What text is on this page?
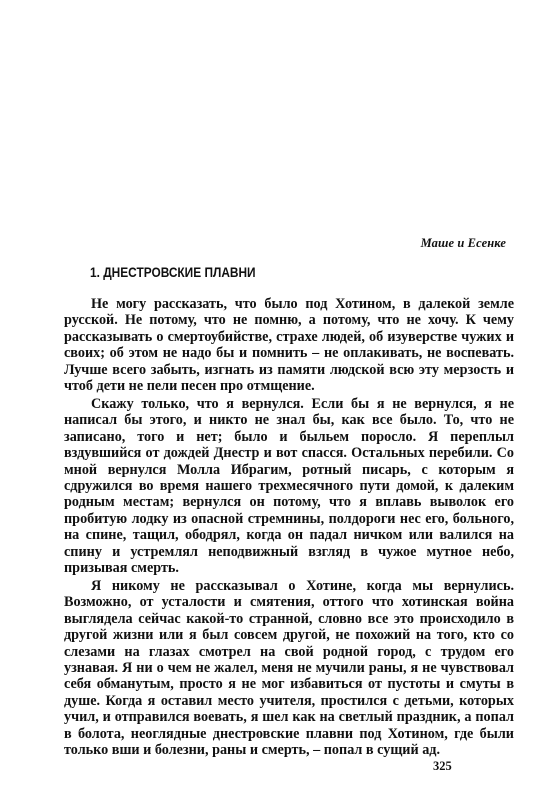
Маше и Есенке
1. ДНЕСТРОВСКИЕ ПЛАВНИ

Не могу рассказать, что было под Хотином, в далекой земле русской. Не потому, что не помню, а потому, что не хочу. К чему рассказывать о смертоубийстве, страхе людей, об изуверстве чужих и своих; об этом не надо бы и помнить – не оплакивать, не воспевать. Лучше всего забыть, изгнать из памяти людской всю эту мерзость и чтоб дети не пели песен про отмщение.

Скажу только, что я вернулся. Если бы я не вернулся, я не написал бы этого, и никто не знал бы, как все было. То, что не записано, того и нет; было и быльем поросло. Я переплыл вздувшийся от дождей Днестр и вот спасся. Остальных перебили. Со мной вернулся Молла Ибрагим, ротный писарь, с которым я сдружился во время нашего трехмесячного пути домой, к далеким родным местам; вернулся он потому, что я вплавь выволок его пробитую лодку из опасной стремнины, полдороги нес его, больного, на спине, тащил, ободрял, когда он падал ничком или валился на спину и устремлял неподвижный взгляд в чужое мутное небо, призывая смерть.

Я никому не рассказывал о Хотине, когда мы вернулись. Возможно, от усталости и смятения, оттого что хотинская война выглядела сейчас какой-то странной, словно все это происходило в другой жизни или я был совсем другой, не похожий на того, кто со слезами на глазах смотрел на свой родной город, с трудом его узнавая. Я ни о чем не жалел, меня не мучили раны, я не чувствовал себя обманутым, просто я не мог избавиться от пустоты и смуты в душе. Когда я оставил место учителя, простился с детьми, которых учил, и отправился воевать, я шел как на светлый праздник, а попал в болота, неоглядные днестровские плавни под Хотином, где были только вши и болезни, раны и смерть, – попал в сущий ад.

325
